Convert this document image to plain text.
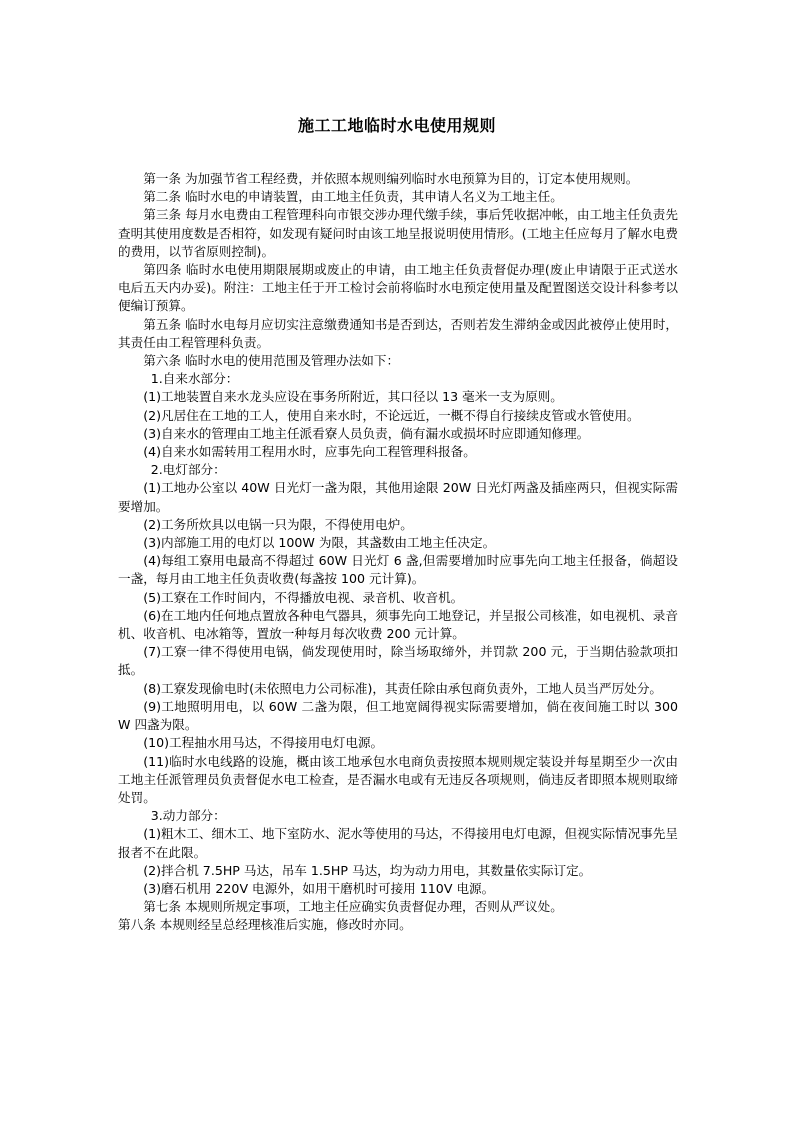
施工工地临时水电使用规则

第一条 为加强节省工程经费，并依照本规则编列临时水电预算为目的，订定本使用规则。

第二条 临时水电的申请装置，由工地主任负责，其申请人名义为工地主任。

第三条 每月水电费由工程管理科向市银交涉办理代缴手续，事后凭收据冲帐，由工地主任负责先查明其使用度数是否相符，如发现有疑问时由该工地呈报说明使用情形。(工地主任应每月了解水电费的费用，以节省原则控制)。

第四条 临时水电使用期限展期或废止的申请，由工地主任负责督促办理(废止申请限于正式送水电后五天内办妥)。附注：工地主任于开工检讨会前将临时水电预定使用量及配置图送交设计科参考以便编订预算。

第五条 临时水电每月应切实注意缴费通知书是否到达，否则若发生滞纳金或因此被停止使用时，其责任由工程管理科负责。

第六条 临时水电的使用范围及管理办法如下：

1.自来水部分：

(1)工地装置自来水龙头应设在事务所附近，其口径以 13 毫米一支为原则。

(2)凡居住在工地的工人，使用自来水时，不论远近，一概不得自行接续皮管或水管使用。

(3)自来水的管理由工地主任派看寮人员负责，倘有漏水或损坏时应即通知修理。

(4)自来水如需转用工程用水时，应事先向工程管理科报备。

2.电灯部分：

(1)工地办公室以 40W 日光灯一盏为限，其他用途限 20W 日光灯两盏及插座两只，但视实际需要增加。

(2)工务所炊具以电锅一只为限，不得使用电炉。

(3)内部施工用的电灯以 100W 为限，其盏数由工地主任决定。

(4)每组工寮用电最高不得超过 60W 日光灯 6 盏,但需要增加时应事先向工地主任报备，倘超设一盏，每月由工地主任负责收费(每盏按 100 元计算)。

(5)工寮在工作时间内，不得播放电视、录音机、收音机。

(6)在工地内任何地点置放各种电气器具，须事先向工地登记，并呈报公司核准，如电视机、录音机、收音机、电冰箱等，置放一种每月每次收费 200 元计算。

(7)工寮一律不得使用电锅，倘发现使用时，除当场取缔外，并罚款 200 元，于当期估验款项扣抵。

(8)工寮发现偷电时(未依照电力公司标准)，其责任除由承包商负责外，工地人员当严厉处分。

(9)工地照明用电，以 60W 二盏为限，但工地宽阔得视实际需要增加，倘在夜间施工时以 300W 四盏为限。

(10)工程抽水用马达，不得接用电灯电源。

(11)临时水电线路的设施，概由该工地承包水电商负责按照本规则规定装设并每星期至少一次由工地主任派管理员负责督促水电工检查，是否漏水电或有无违反各项规则，倘违反者即照本规则取缔处罚。

3.动力部分：

(1)粗木工、细木工、地下室防水、泥水等使用的马达，不得接用电灯电源，但视实际情况事先呈报者不在此限。

(2)拌合机 7.5HP 马达，吊车 1.5HP 马达，均为动力用电，其数量依实际订定。

(3)磨石机用 220V 电源外，如用干磨机时可接用 110V 电源。

第七条 本规则所规定事项，工地主任应确实负责督促办理，否则从严议处。

第八条 本规则经呈总经理核准后实施，修改时亦同。
